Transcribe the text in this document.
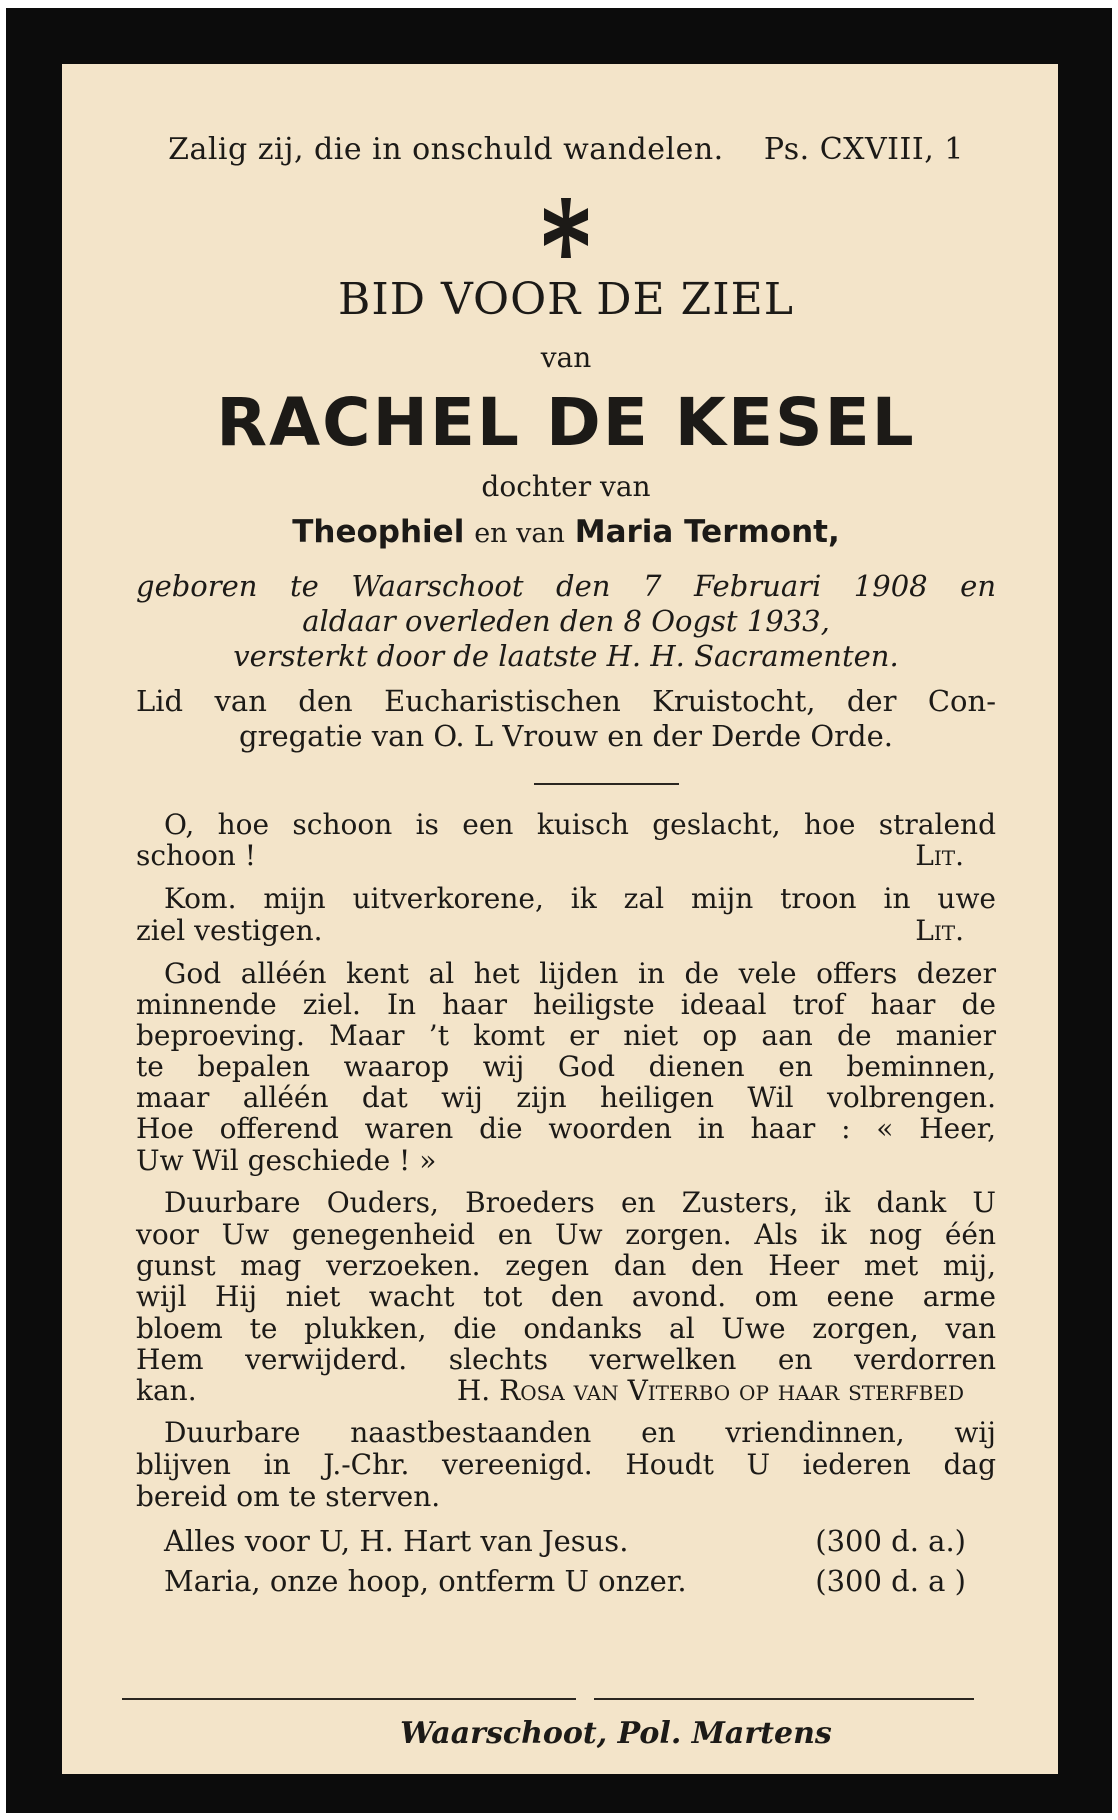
Zalig zij, die in onschuld wandelen. Ps. CXVIII, 1
BID VOOR DE ZIEL
van
RACHEL DE KESEL
dochter van
Theophiel en van Maria Termont,
geboren te Waarschoot den 7 Februari 1908 en
aldaar overleden den 8 Oogst 1933,
versterkt door de laatste H. H. Sacramenten.
Lid van den Eucharistischen Kruistocht, der Con-
gregatie van O. L Vrouw en der Derde Orde.
O, hoe schoon is een kuisch geslacht, hoe stralend
schoon !	Lit.
Kom. mijn uitverkorene, ik zal mijn troon in uwe
ziel vestigen.	Lit.
God alléén kent al het lijden in de vele offers dezer
minnende ziel. In haar heiligste ideaal trof haar de
beproeving. Maar ’t komt er niet op aan de manier
te bepalen waarop wij God dienen en beminnen,
maar alléén dat wij zijn heiligen Wil volbrengen.
Hoe offerend waren die woorden in haar : « Heer,
Uw Wil geschiede ! »
Duurbare Ouders, Broeders en Zusters, ik dank U
voor Uw genegenheid en Uw zorgen. Als ik nog één
gunst mag verzoeken. zegen dan den Heer met mij,
wijl Hij niet wacht tot den avond. om eene arme
bloem te plukken, die ondanks al Uwe zorgen, van
Hem verwijderd. slechts verwelken en verdorren
kan.	H. Rosa van Viterbo op haar sterfbed
Duurbare naastbestaanden en vriendinnen, wij
blijven in J.-Chr. vereenigd. Houdt U iederen dag
bereid om te sterven.
Alles voor U, H. Hart van Jesus.	(300 d. a.)
Maria, onze hoop, ontferm U onzer.	(300 d. a )
Waarschoot, Pol. Martens
